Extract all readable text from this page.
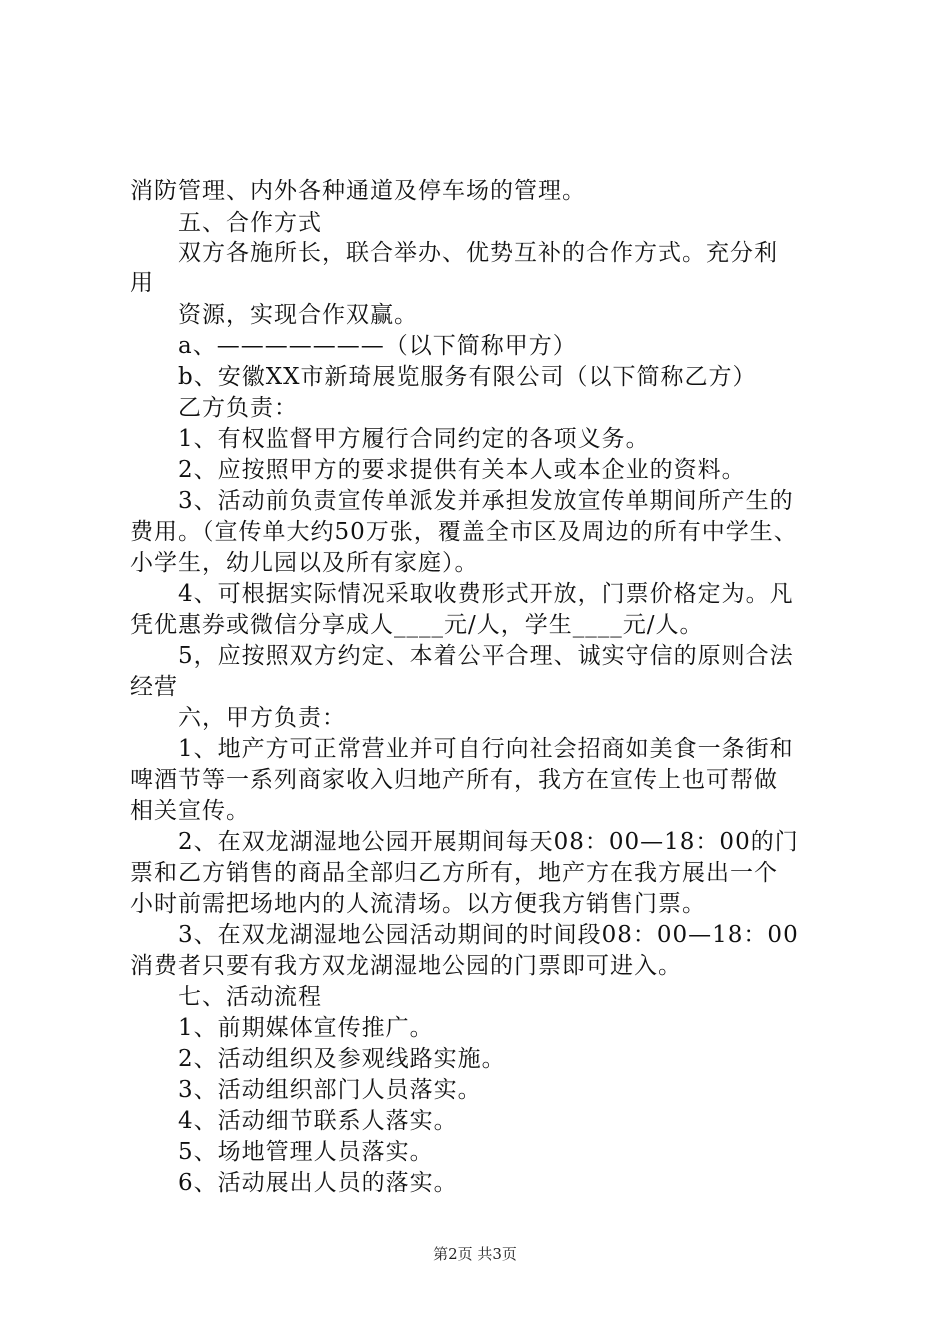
消防管理、内外各种通道及停车场的管理。
五、合作方式
双方各施所长，联合举办、优势互补的合作方式。充分利
用
资源，实现合作双赢。
a、———————（以下简称甲方）
b、安徽XX市新琦展览服务有限公司（以下简称乙方）
乙方负责：
1、有权监督甲方履行合同约定的各项义务。
2、应按照甲方的要求提供有关本人或本企业的资料。
3、活动前负责宣传单派发并承担发放宣传单期间所产生的
费用。（宣传单大约50万张，覆盖全市区及周边的所有中学生、
小学生，幼儿园以及所有家庭）。
4、可根据实际情况采取收费形式开放，门票价格定为。凡
凭优惠券或微信分享成人____元/人，学生____元/人。
5，应按照双方约定、本着公平合理、诚实守信的原则合法
经营
六，甲方负责：
1、地产方可正常营业并可自行向社会招商如美食一条街和
啤酒节等一系列商家收入归地产所有，我方在宣传上也可帮做
相关宣传。
2、在双龙湖湿地公园开展期间每天08：00—18：00的门
票和乙方销售的商品全部归乙方所有，地产方在我方展出一个
小时前需把场地内的人流清场。以方便我方销售门票。
3、在双龙湖湿地公园活动期间的时间段08：00—18：00
消费者只要有我方双龙湖湿地公园的门票即可进入。
七、活动流程
1、前期媒体宣传推广。
2、活动组织及参观线路实施。
3、活动组织部门人员落实。
4、活动细节联系人落实。
5、场地管理人员落实。
6、活动展出人员的落实。
第2页 共3页
